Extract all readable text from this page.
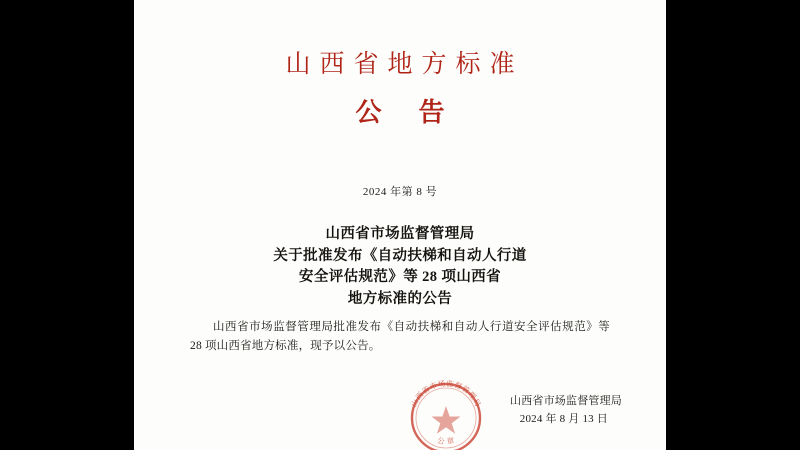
山西省地方标准
公 告
2024 年第 8 号
山西省市场监督管理局
关于批准发布《自动扶梯和自动人行道
安全评估规范》等 28 项山西省
地方标准的公告
山西省市场监督管理局批准发布《自动扶梯和自动人行道安全评估规范》等 28 项山西省地方标准，现予以公告。
山西省市场监督管理局
2024 年 8 月 13 日
山西省市场监督管理局
公 章
